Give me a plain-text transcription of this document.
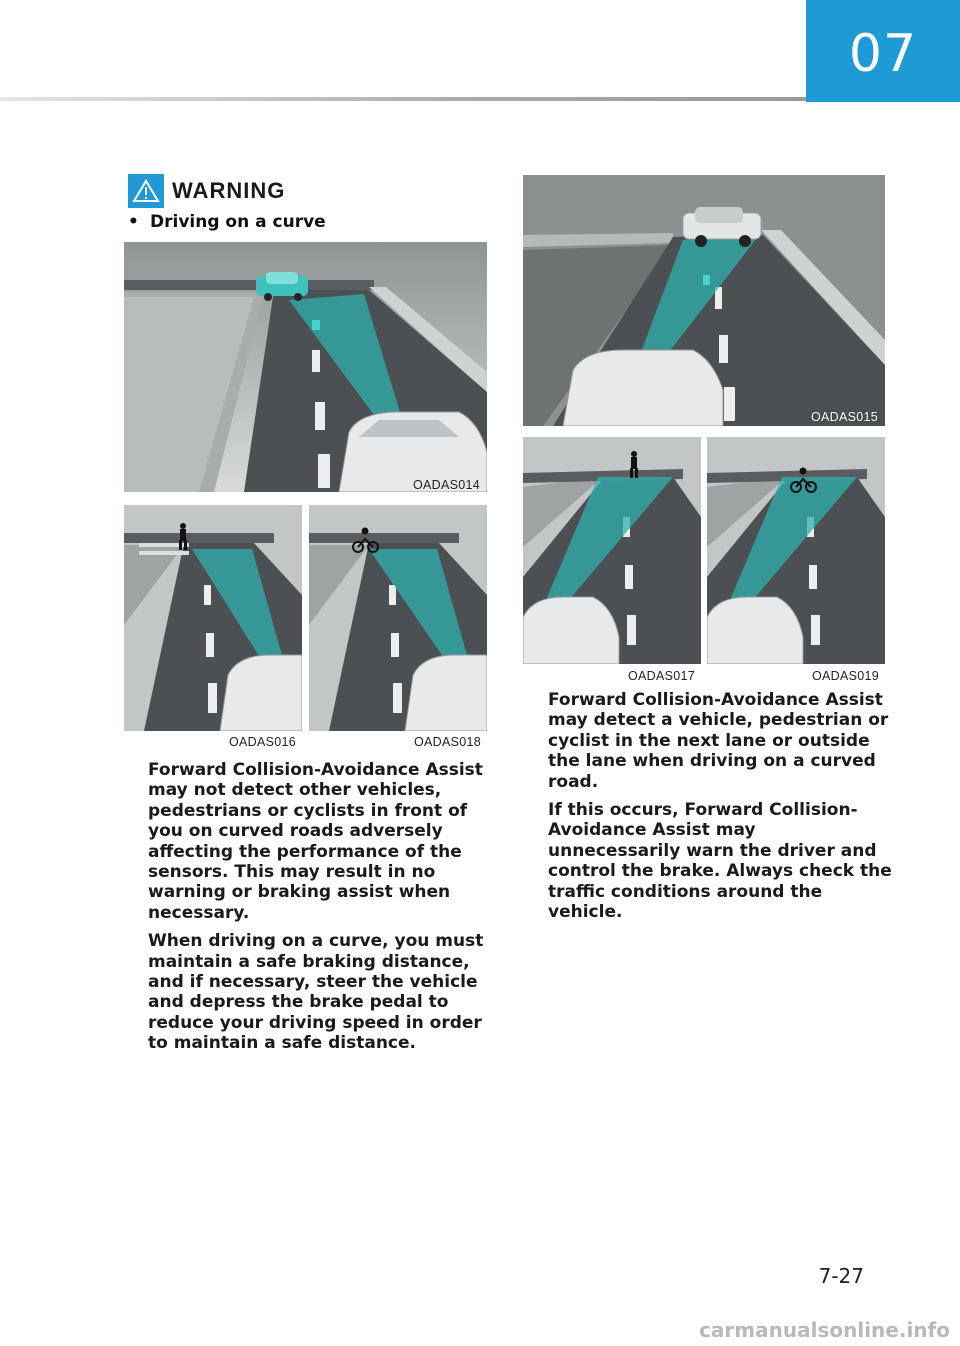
07
WARNING
• Driving on a curve
OADAS014
OADAS016	OADAS018

Forward Collision-Avoidance Assist may not detect other vehicles, pedestrians or cyclists in front of you on curved roads adversely affecting the performance of the sensors. This may result in no warning or braking assist when necessary.

When driving on a curve, you must maintain a safe braking distance, and if necessary, steer the vehicle and depress the brake pedal to reduce your driving speed in order to maintain a safe distance.

OADAS015
OADAS017	OADAS019

Forward Collision-Avoidance Assist may detect a vehicle, pedestrian or cyclist in the next lane or outside the lane when driving on a curved road.

If this occurs, Forward Collision-Avoidance Assist may unnecessarily warn the driver and control the brake. Always check the traffic conditions around the vehicle.

7-27
carmanualsonline.info
